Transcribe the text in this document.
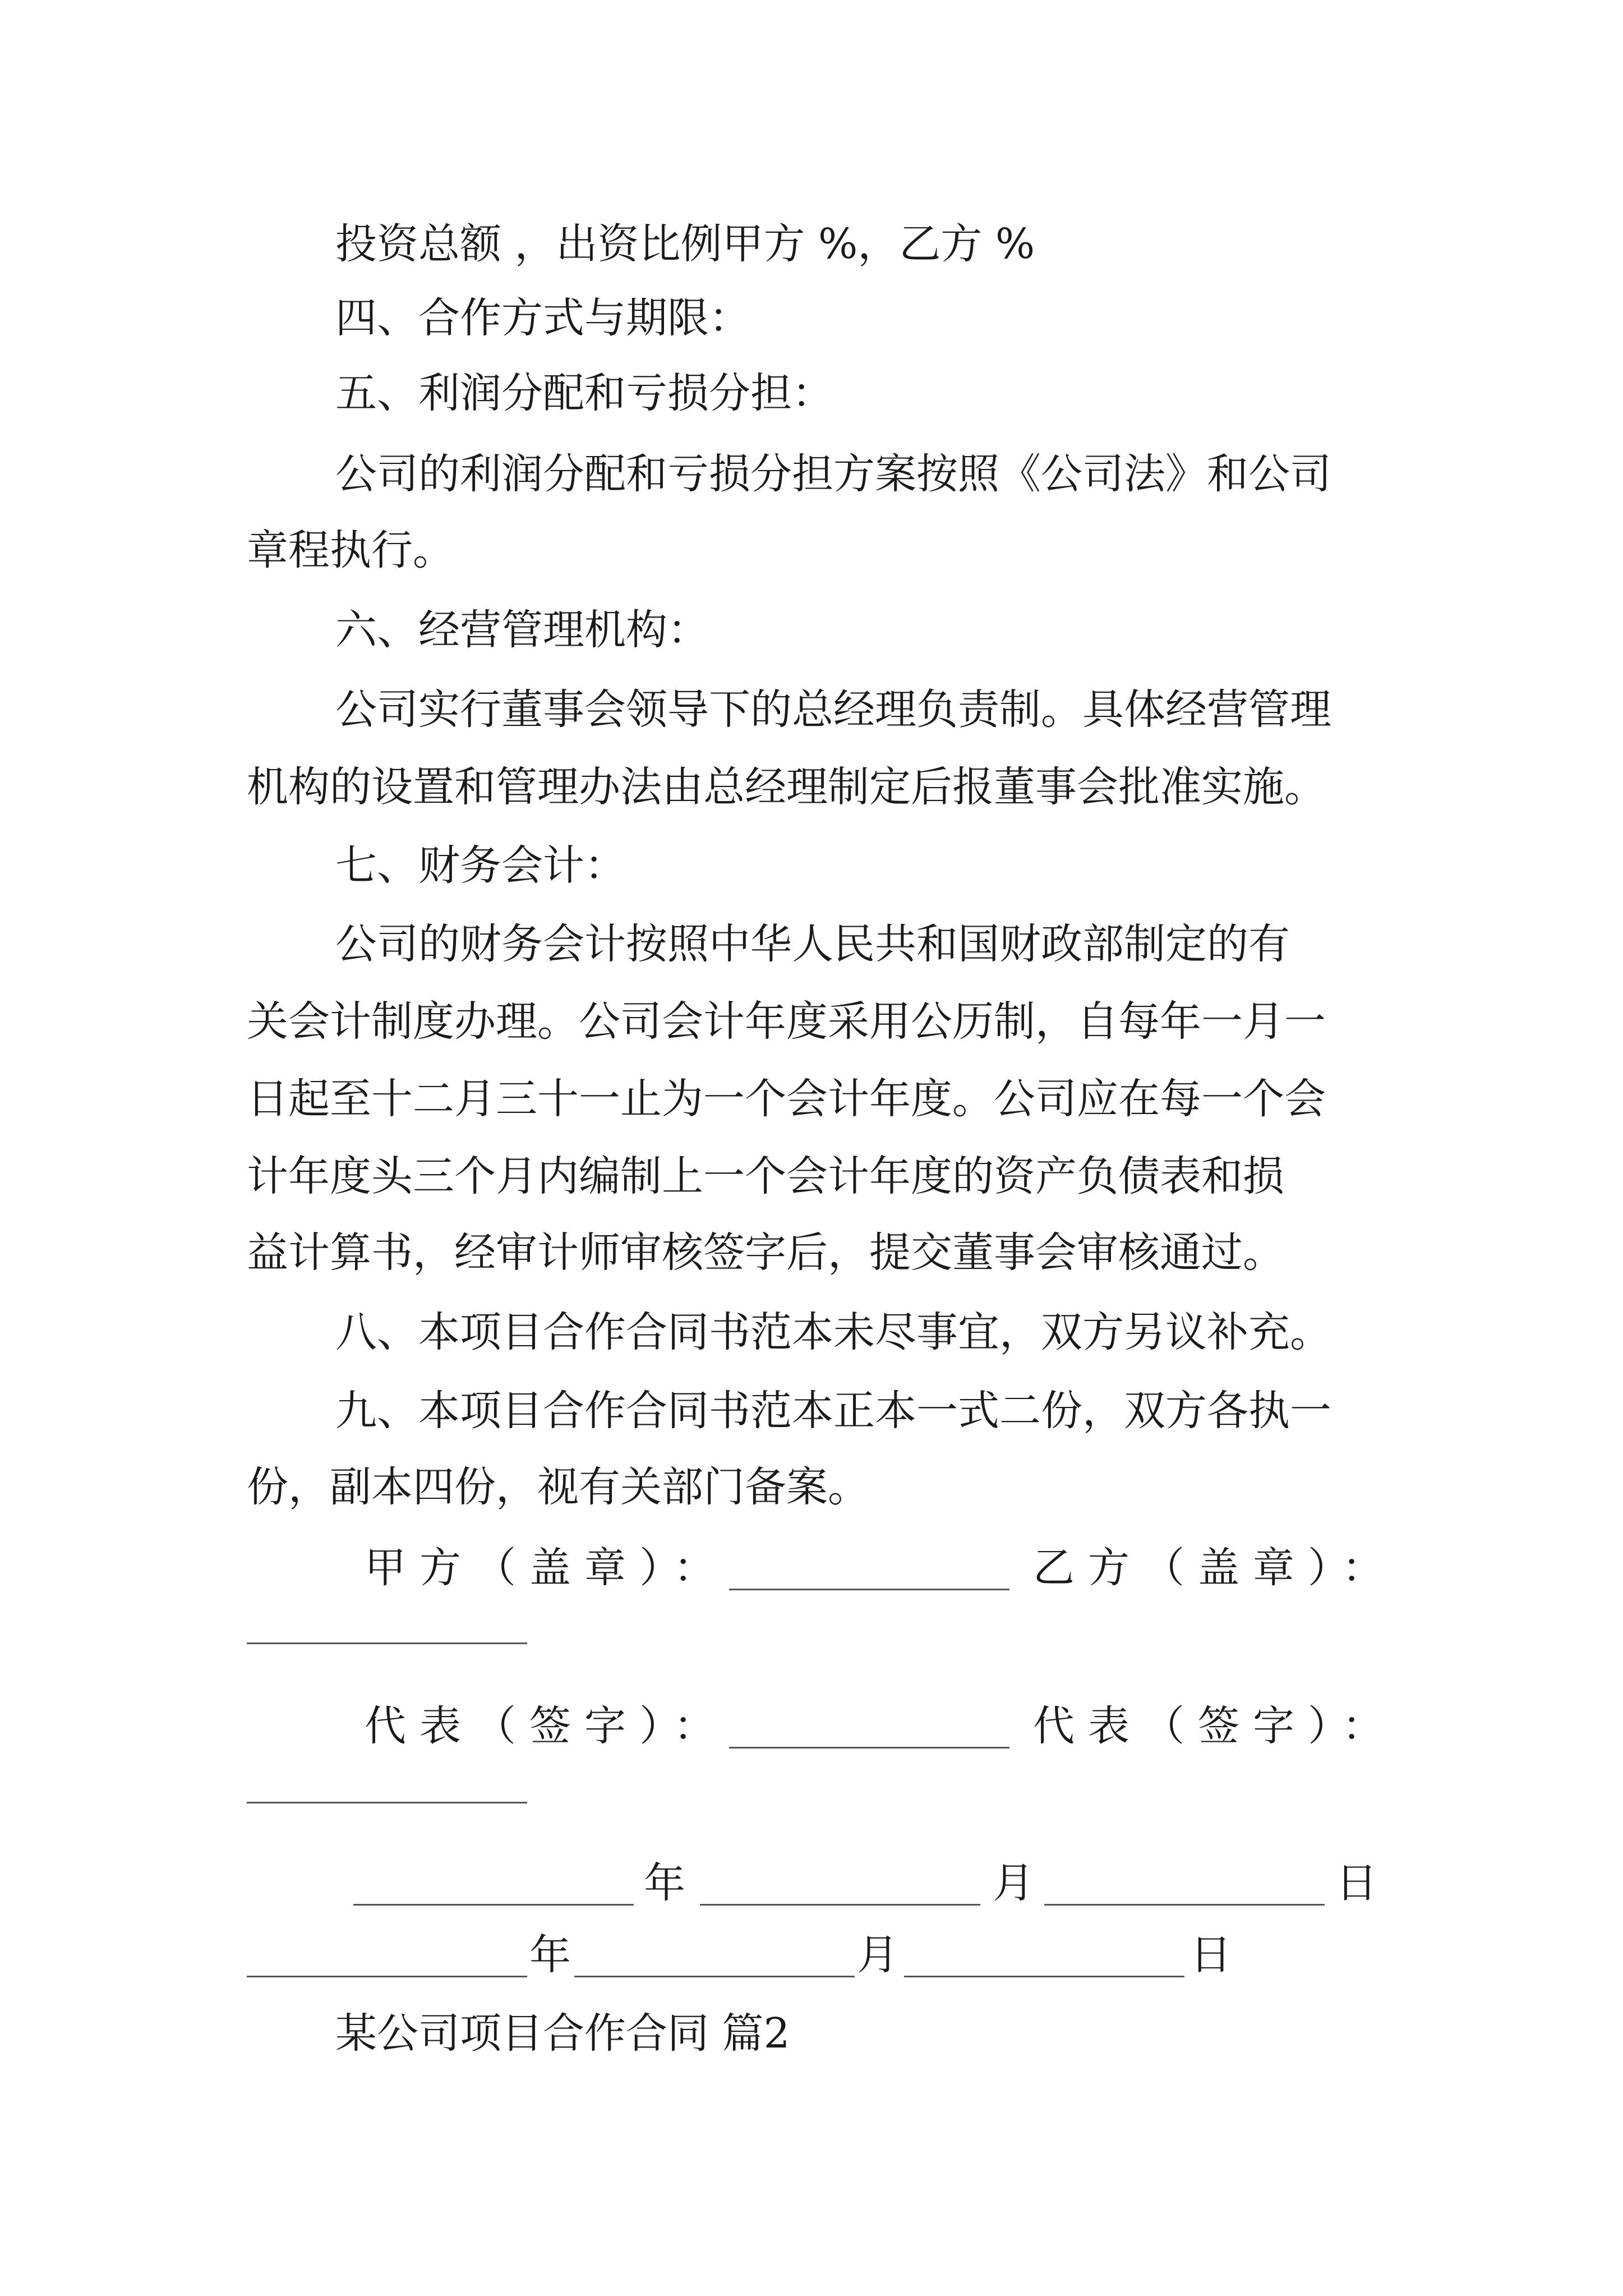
投资总额 ，出资比例甲方 %，乙方 %
四、合作方式与期限：
五、利润分配和亏损分担：
公司的利润分配和亏损分担方案按照《公司法》和公司
章程执行。
六、经营管理机构：
公司实行董事会领导下的总经理负责制。具体经营管理
机构的设置和管理办法由总经理制定后报董事会批准实施。
七、财务会计：
公司的财务会计按照中华人民共和国财政部制定的有
关会计制度办理。公司会计年度采用公历制，自每年一月一
日起至十二月三十一止为一个会计年度。公司应在每一个会
计年度头三个月内编制上一个会计年度的资产负债表和损
益计算书，经审计师审核签字后，提交董事会审核通过。
八、本项目合作合同书范本未尽事宜，双方另议补充。
九、本项目合作合同书范本正本一式二份，双方各执一
份，副本四份，视有关部门备案。
甲方（盖章）：	乙方（盖章）：
代表（签字）：	代表（签字）：
年	月	日
年	月	日
某公司项目合作合同 篇2
